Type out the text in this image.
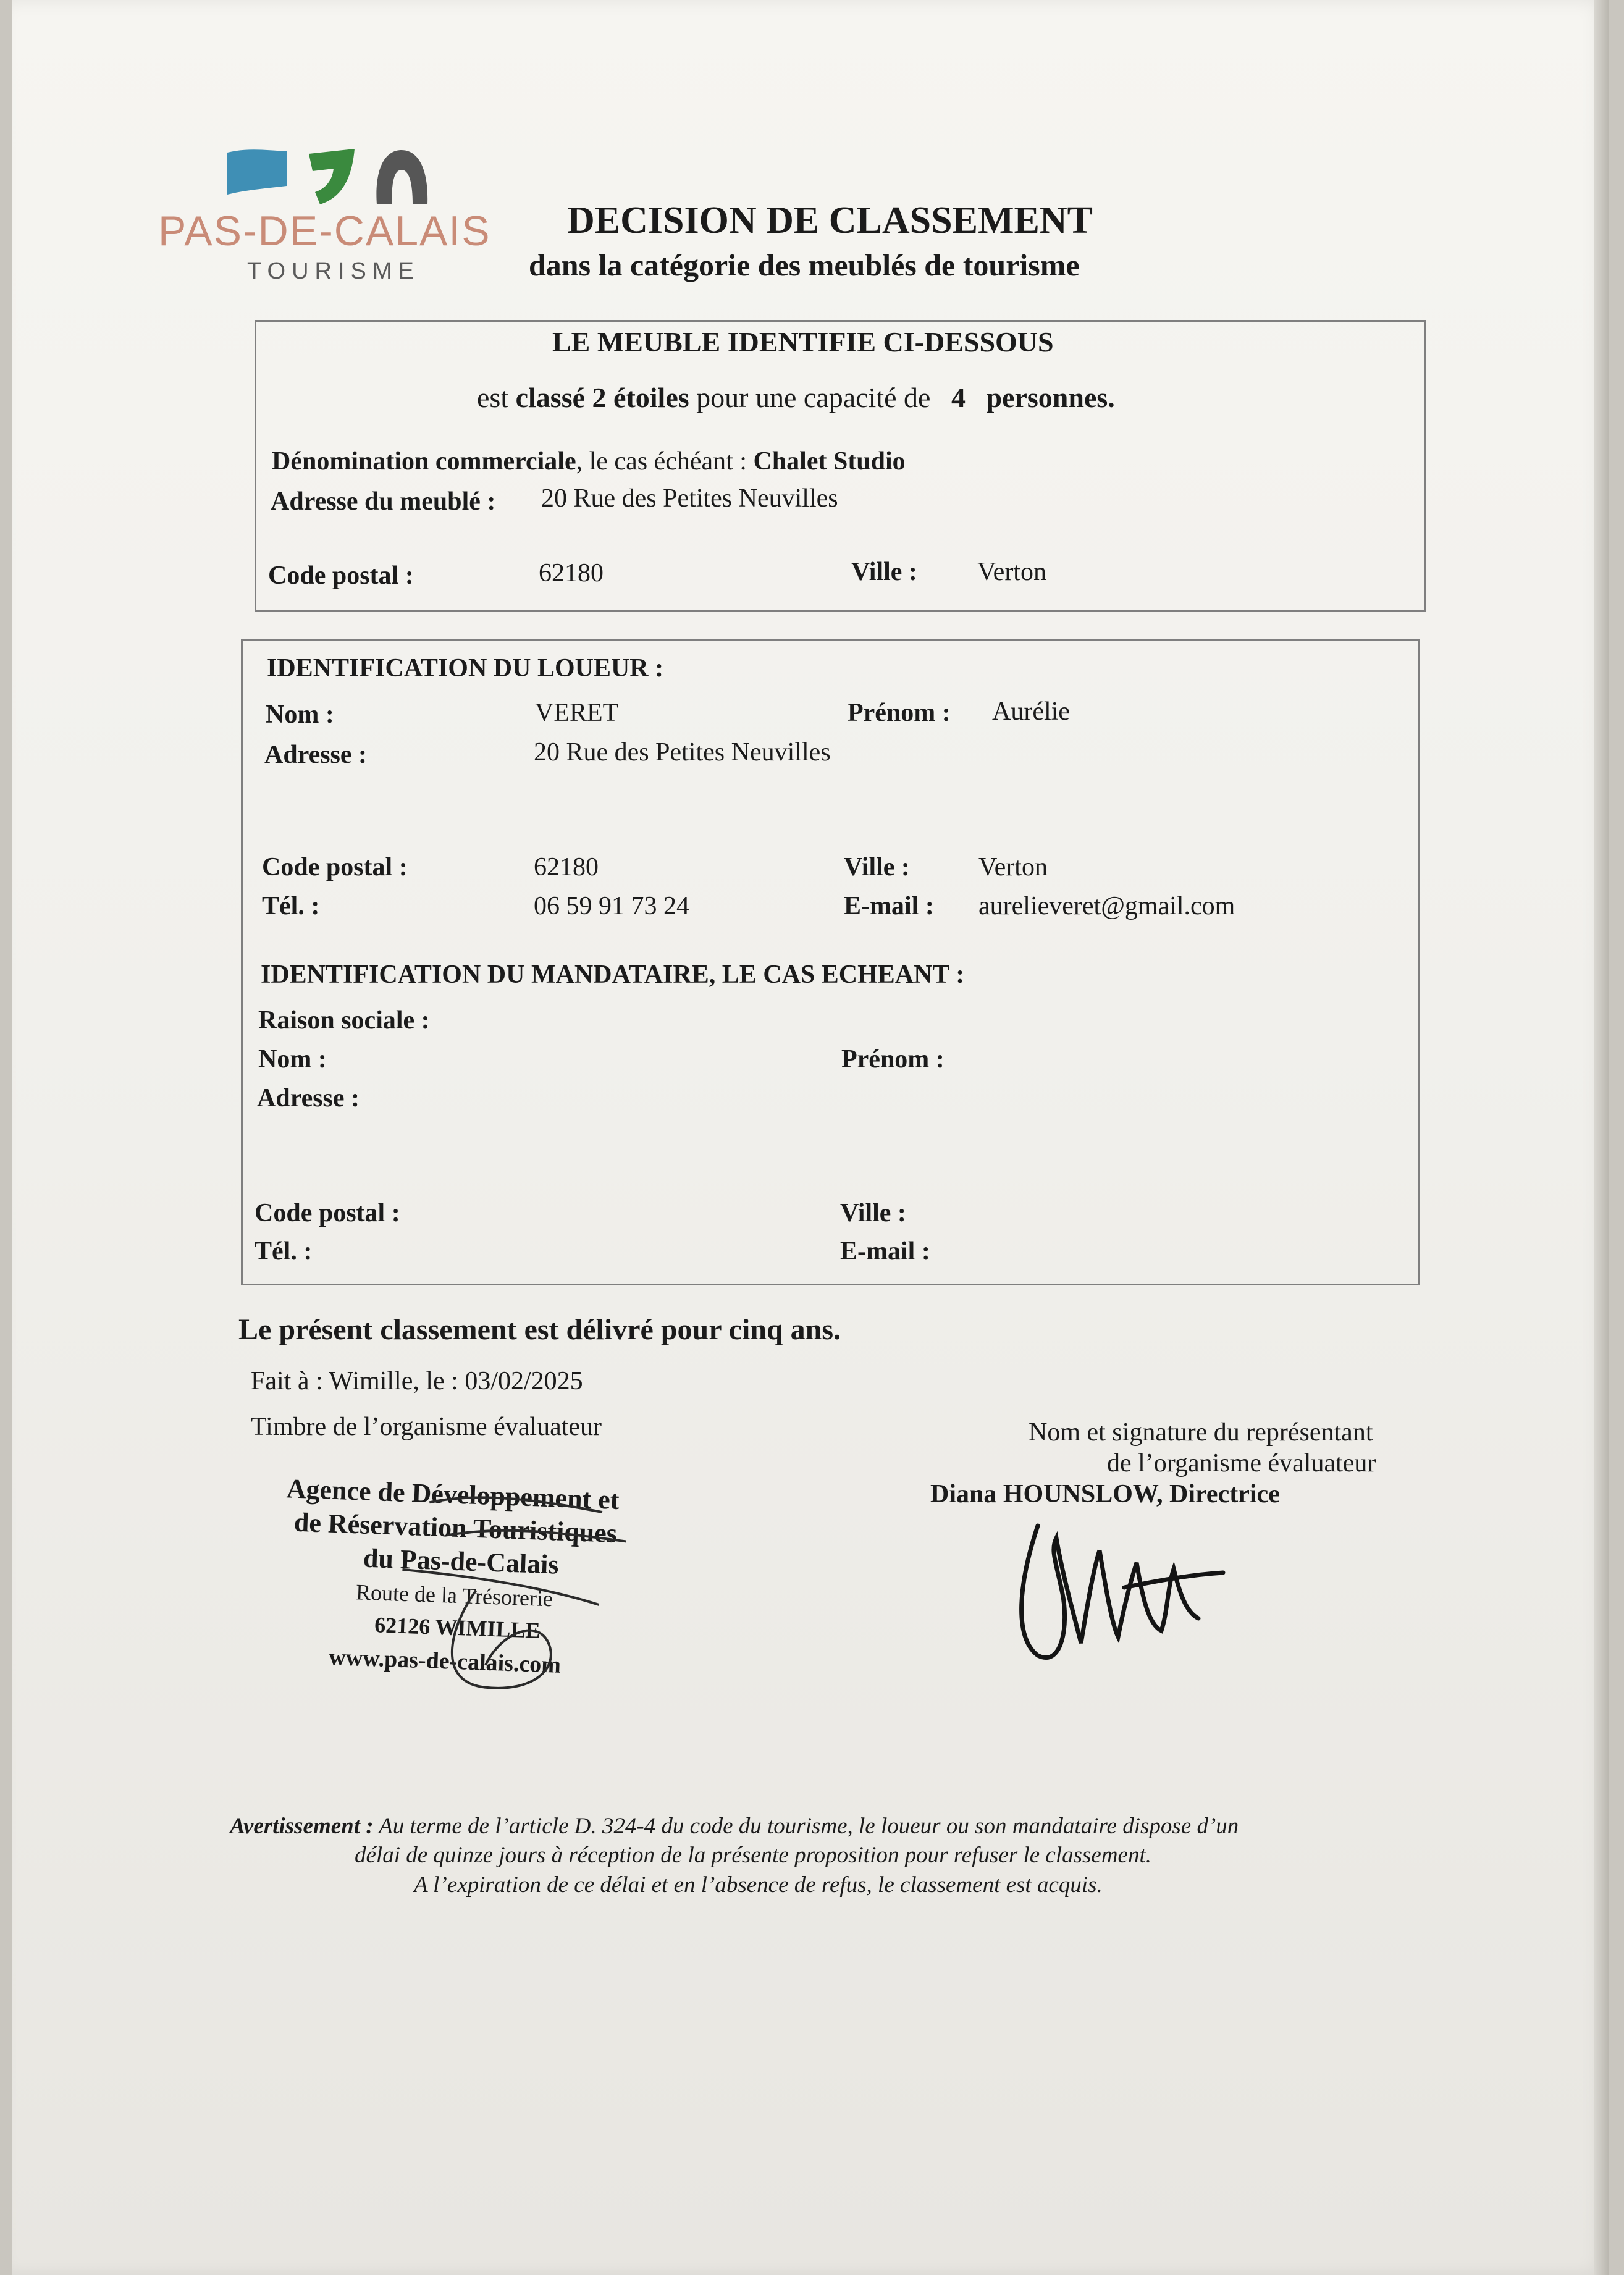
PAS-DE-CALAIS
TOURISME
DECISION DE CLASSEMENT
dans la catégorie des meublés de tourisme
LE MEUBLE IDENTIFIE CI-DESSOUS
est classé 2 étoiles pour une capacité de 4 personnes.
Dénomination commerciale, le cas échéant : Chalet Studio
Adresse du meublé : 20 Rue des Petites Neuvilles
Code postal :	62180	Ville : Verton
IDENTIFICATION DU LOUEUR :
Nom :	VERET	Prénom : Aurélie
Adresse :	20 Rue des Petites Neuvilles
Code postal :	62180	Ville :	Verton
Tél. :	06 59 91 73 24	E-mail : aurelieveret@gmail.com
IDENTIFICATION DU MANDATAIRE, LE CAS ECHEANT :
Raison sociale :
Nom :	Prénom :
Adresse :
Code postal :	Ville :
Tél. :	E-mail :
Le présent classement est délivré pour cinq ans.
Fait à : Wimille, le : 03/02/2025
Timbre de l’organisme évaluateur	Nom et signature du représentant
de l’organisme évaluateur
Diana HOUNSLOW, Directrice
Agence de Développement et
de Réservation Touristiques
du Pas-de-Calais
Route de la Trésorerie
62126 WIMILLE
www.pas-de-calais.com
Avertissement : Au terme de l’article D. 324-4 du code du tourisme, le loueur ou son mandataire dispose d’un
délai de quinze jours à réception de la présente proposition pour refuser le classement.
A l’expiration de ce délai et en l’absence de refus, le classement est acquis.
